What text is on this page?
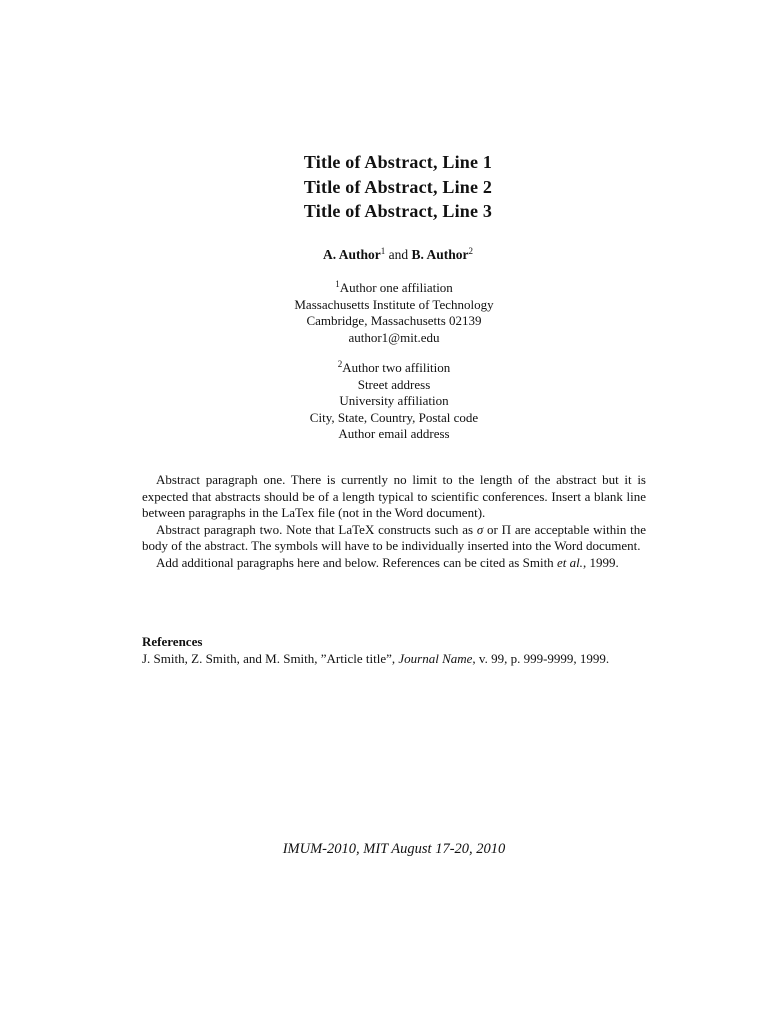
Title of Abstract, Line 1
Title of Abstract, Line 2
Title of Abstract, Line 3
A. Author$^1$ and B. Author$^2$
$^1$Author one affiliation
Massachusetts Institute of Technology
Cambridge, Massachusetts 02139
author1@mit.edu
$^2$Author two affilition
Street address
University affiliation
City, State, Country, Postal code
Author email address

Abstract paragraph one. There is currently no limit to the length of the abstract but it is expected that abstracts should be of a length typical to scientific conferences. Insert a blank line between paragraphs in the LaTex file (not in the Word document).

Abstract paragraph two. Note that LaTeX constructs such as σ or Π are acceptable within the body of the abstract. The symbols will have to be individually inserted into the Word document.

Add additional paragraphs here and below. References can be cited as Smith et al., 1999.

References
J. Smith, Z. Smith, and M. Smith, ”Article title”, Journal Name, v. 99, p. 999-9999, 1999.
IMUM-2010, MIT August 17-20, 2010
